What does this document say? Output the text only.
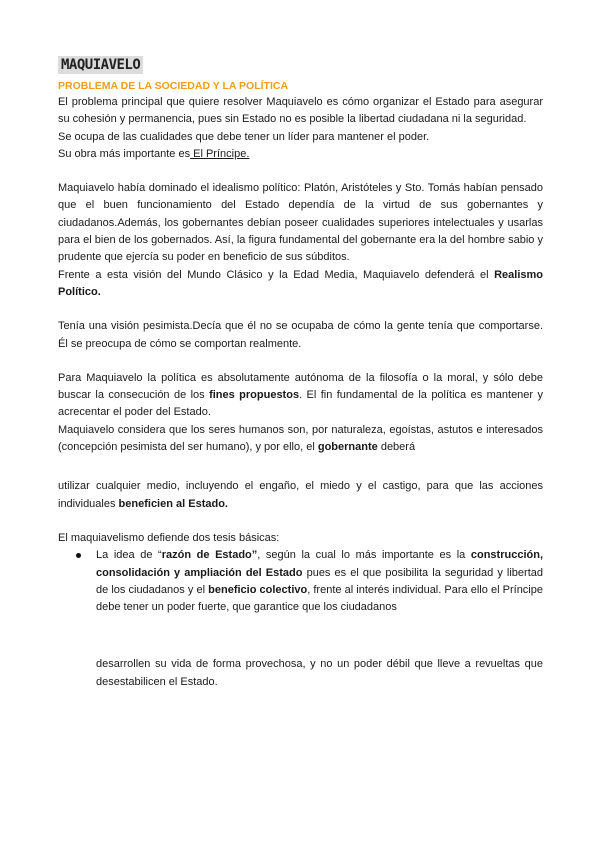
MAQUIAVELO
PROBLEMA DE LA SOCIEDAD Y LA POLÍTICA

El problema principal que quiere resolver Maquiavelo es cómo organizar el Estado para asegurar su cohesión y permanencia, pues sin Estado no es posible la libertad ciudadana ni la seguridad.

Se ocupa de las cualidades que debe tener un líder para mantener el poder.

Su obra más importante es El Príncipe.

Maquiavelo había dominado el idealismo político: Platón, Aristóteles y Sto. Tomás habían pensado que el buen funcionamiento del Estado dependía de la virtud de sus gobernantes y ciudadanos.Además, los gobernantes debían poseer cualidades superiores intelectuales y usarlas para el bien de los gobernados. Así, la figura fundamental del gobernante era la del hombre sabio y prudente que ejercía su poder en beneficio de sus súbditos.

Frente a esta visión del Mundo Clásico y la Edad Media, Maquiavelo defenderá el Realismo Político.

Tenía una visión pesimista.Decía que él no se ocupaba de cómo la gente tenía que comportarse. Él se preocupa de cómo se comportan realmente.

Para Maquiavelo la política es absolutamente autónoma de la filosofía o la moral, y sólo debe buscar la consecución de los fines propuestos. El fin fundamental de la política es mantener y acrecentar el poder del Estado.

Maquiavelo considera que los seres humanos son, por naturaleza, egoístas, astutos e interesados (concepción pesimista del ser humano), y por ello, el gobernante deberá

utilizar cualquier medio, incluyendo el engaño, el miedo y el castigo, para que las acciones individuales beneficien al Estado.

El maquiavelismo defiende dos tesis básicas:

La idea de “razón de Estado”, según la cual lo más importante es la construcción, consolidación y ampliación del Estado pues es el que posibilita la seguridad y libertad de los ciudadanos y el beneficio colectivo, frente al interés individual. Para ello el Príncipe debe tener un poder fuerte, que garantice que los ciudadanos

desarrollen su vida de forma provechosa, y no un poder débil que lleve a revueltas que desestabilicen el Estado.
